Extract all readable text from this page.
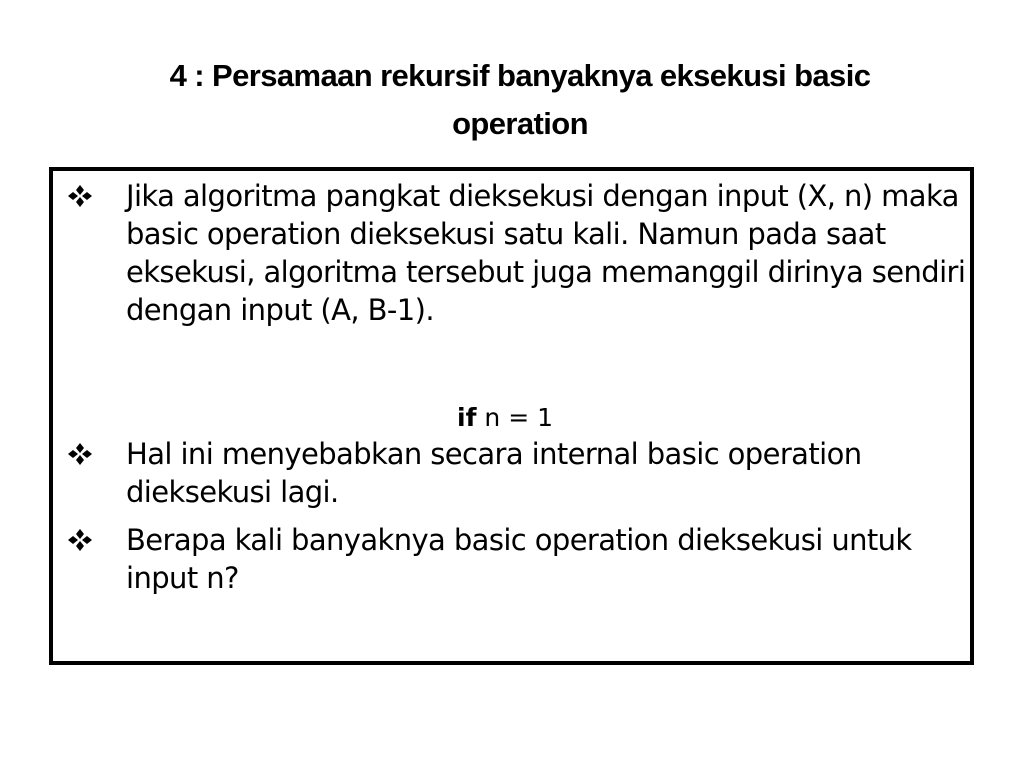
4 : Persamaan rekursif banyaknya eksekusi basic operation
Jika algoritma pangkat dieksekusi dengan input (X, n) maka basic operation dieksekusi satu kali. Namun pada saat eksekusi, algoritma tersebut juga memanggil dirinya sendiri dengan input (A, B-1).
if n = 1
Hal ini menyebabkan secara internal basic operation dieksekusi lagi.
Berapa kali banyaknya basic operation dieksekusi untuk input n?
